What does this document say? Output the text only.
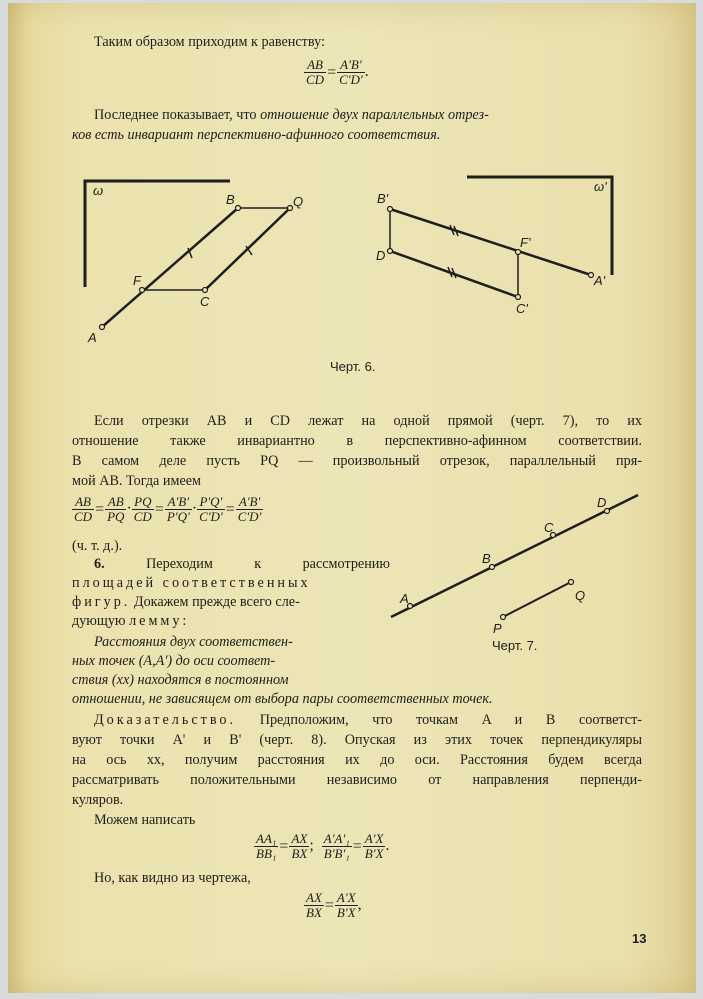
Таким образом приходим к равенству:
$\frac{AB}{CD} = \frac{A'B'}{C'D'}$ .
Последнее показывает, что отношение двух параллельных отрез-
ков есть инвариант перспективно-афинного соответствия.
ω
A
F
C
B	Q
ω'
B'
D
F'
C'
A'
Черт. 6.
Если отрезки AB и CD лежат на одной прямой (черт. 7), то их
отношение также инвариантно в перспективно-афинном соответствии.
В самом деле пусть PQ — произвольный отрезок, параллельный пря-
мой AB. Тогда имеем
$\frac{AB}{CD} = \frac{AB}{PQ} \cdot \frac{PQ}{CD} = \frac{A'B'}{P'Q'} \cdot \frac{P'Q'}{C'D'} = \frac{A'B'}{C'D'}$
(ч. т. д.).
6.	Переходим к рассмотрению
площадей соответственных
фигур. Докажем прежде всего сле-
дующую лемму:
Расстояния двух соответствен-
ных точек (A,A') до оси соответ-
ствия (xx) находятся в постоянном
отношении, не зависящем от выбора пары соответственных точек.
A
B
C
D
P
Q
Черт. 7.
Доказательство. Предположим, что точкам A и B соответст-
вуют точки A' и B' (черт. 8). Опуская из этих точек перпендикуляры
на ось xx, получим расстояния их до оси. Расстояния будем всегда
рассматривать положительными независимо от направления перпенди-
куляров.
Можем написать
$\frac{\text{AA₁}}{\text{BB₁}} = \frac{AX}{BX}$ ; $\frac{\text{A'A'₁}}{\text{B'B'₁}} = \frac{A'X}{B'X}$ .
Но, как видно из чертежа,
$\frac{AX}{BX} = \frac{A'X}{B'X}$ ,
13
